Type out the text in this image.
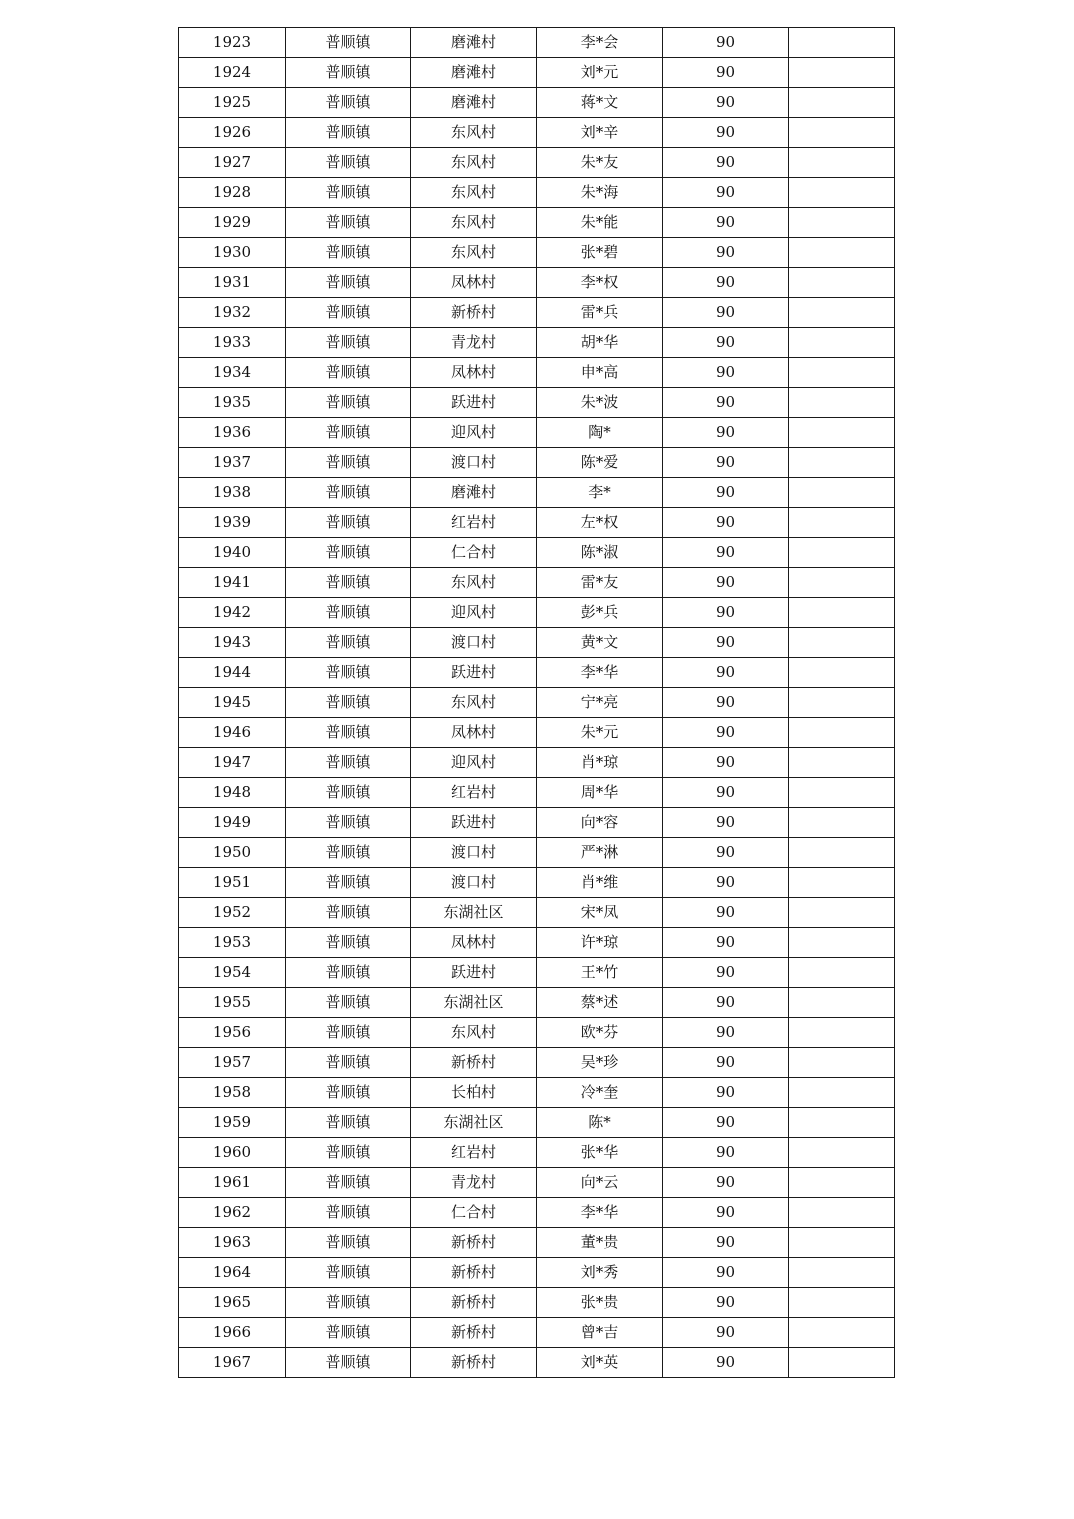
1923	普顺镇	磨滩村	李*会	90	
1924	普顺镇	磨滩村	刘*元	90	
1925	普顺镇	磨滩村	蒋*文	90	
1926	普顺镇	东风村	刘*辛	90	
1927	普顺镇	东风村	朱*友	90	
1928	普顺镇	东风村	朱*海	90	
1929	普顺镇	东风村	朱*能	90	
1930	普顺镇	东风村	张*碧	90	
1931	普顺镇	凤林村	李*权	90	
1932	普顺镇	新桥村	雷*兵	90	
1933	普顺镇	青龙村	胡*华	90	
1934	普顺镇	凤林村	申*高	90	
1935	普顺镇	跃进村	朱*波	90	
1936	普顺镇	迎风村	陶*	90	
1937	普顺镇	渡口村	陈*爱	90	
1938	普顺镇	磨滩村	李*	90	
1939	普顺镇	红岩村	左*权	90	
1940	普顺镇	仁合村	陈*淑	90	
1941	普顺镇	东风村	雷*友	90	
1942	普顺镇	迎风村	彭*兵	90	
1943	普顺镇	渡口村	黄*文	90	
1944	普顺镇	跃进村	李*华	90	
1945	普顺镇	东风村	宁*亮	90	
1946	普顺镇	凤林村	朱*元	90	
1947	普顺镇	迎风村	肖*琼	90	
1948	普顺镇	红岩村	周*华	90	
1949	普顺镇	跃进村	向*容	90	
1950	普顺镇	渡口村	严*淋	90	
1951	普顺镇	渡口村	肖*维	90	
1952	普顺镇	东湖社区	宋*凤	90	
1953	普顺镇	凤林村	许*琼	90	
1954	普顺镇	跃进村	王*竹	90	
1955	普顺镇	东湖社区	蔡*述	90	
1956	普顺镇	东风村	欧*芬	90	
1957	普顺镇	新桥村	吴*珍	90	
1958	普顺镇	长柏村	冷*奎	90	
1959	普顺镇	东湖社区	陈*	90	
1960	普顺镇	红岩村	张*华	90	
1961	普顺镇	青龙村	向*云	90	
1962	普顺镇	仁合村	李*华	90	
1963	普顺镇	新桥村	董*贵	90	
1964	普顺镇	新桥村	刘*秀	90	
1965	普顺镇	新桥村	张*贵	90	
1966	普顺镇	新桥村	曾*吉	90	
1967	普顺镇	新桥村	刘*英	90	
